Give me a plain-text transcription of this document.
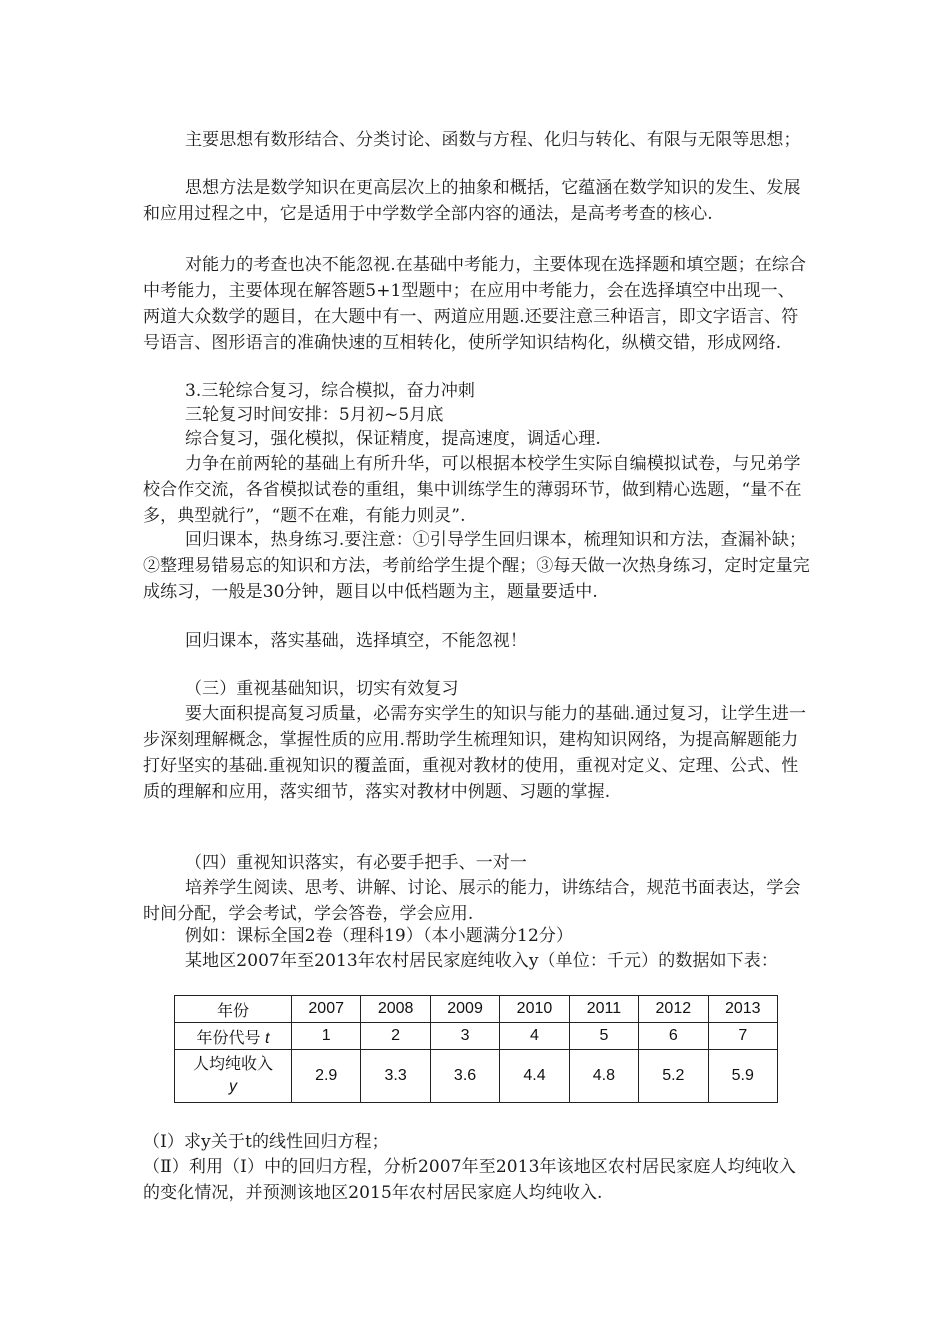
主要思想有数形结合、分类讨论、函数与方程、化归与转化、有限与无限等思想；
思想方法是数学知识在更高层次上的抽象和概括，它蕴涵在数学知识的发生、发展和应用过程之中，它是适用于中学数学全部内容的通法，是高考考查的核心.
对能力的考查也决不能忽视.在基础中考能力，主要体现在选择题和填空题；在综合中考能力，主要体现在解答题5+1型题中；在应用中考能力，会在选择填空中出现一、两道大众数学的题目，在大题中有一、两道应用题.还要注意三种语言，即文字语言、符号语言、图形语言的准确快速的互相转化，使所学知识结构化，纵横交错，形成网络.
3.三轮综合复习，综合模拟，奋力冲刺
三轮复习时间安排：5月初~5月底
综合复习，强化模拟，保证精度，提高速度，调适心理.
力争在前两轮的基础上有所升华，可以根据本校学生实际自编模拟试卷，与兄弟学校合作交流，各省模拟试卷的重组，集中训练学生的薄弱环节，做到精心选题，“量不在多，典型就行”，“题不在难，有能力则灵”.
回归课本，热身练习.要注意：①引导学生回归课本，梳理知识和方法，查漏补缺；②整理易错易忘的知识和方法，考前给学生提个醒；③每天做一次热身练习，定时定量完成练习，一般是30分钟，题目以中低档题为主，题量要适中.
回归课本，落实基础，选择填空，不能忽视！
（三）重视基础知识，切实有效复习
要大面积提高复习质量，必需夯实学生的知识与能力的基础.通过复习，让学生进一步深刻理解概念，掌握性质的应用.帮助学生梳理知识，建构知识网络，为提高解题能力打好坚实的基础.重视知识的覆盖面，重视对教材的使用，重视对定义、定理、公式、性质的理解和应用，落实细节，落实对教材中例题、习题的掌握.
（四）重视知识落实，有必要手把手、一对一
培养学生阅读、思考、讲解、讨论、展示的能力，讲练结合，规范书面表达，学会时间分配，学会考试，学会答卷，学会应用.
例如：课标全国2卷（理科19）（本小题满分12分）
某地区2007年至2013年农村居民家庭纯收入y（单位：千元）的数据如下表：
年份	2007	2008	2009	2010	2011	2012	2013
年份代号 t	1	2	3	4	5	6	7

人均纯收入
y	2.9	3.3	3.6	4.4	4.8	5.2	5.9
（Ⅰ）求y关于t的线性回归方程；
（Ⅱ）利用（Ⅰ）中的回归方程，分析2007年至2013年该地区农村居民家庭人均纯收入的变化情况，并预测该地区2015年农村居民家庭人均纯收入.
